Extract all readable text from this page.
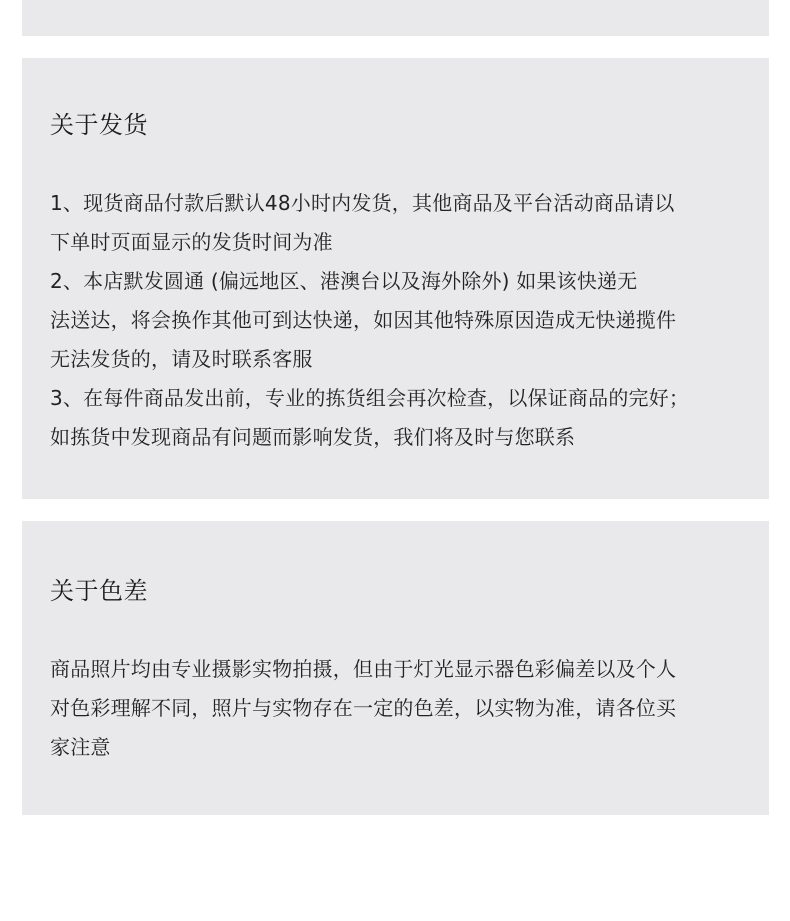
关于发货
1、现货商品付款后默认48小时内发货，其他商品及平台活动商品请以
下单时页面显示的发货时间为准
2、本店默发圆通 (偏远地区、港澳台以及海外除外) 如果该快递无
法送达，将会换作其他可到达快递，如因其他特殊原因造成无快递揽件
无法发货的，请及时联系客服
3、在每件商品发出前，专业的拣货组会再次检查，以保证商品的完好；
如拣货中发现商品有问题而影响发货，我们将及时与您联系
关于色差
商品照片均由专业摄影实物拍摄，但由于灯光显示器色彩偏差以及个人
对色彩理解不同，照片与实物存在一定的色差，以实物为准，请各位买
家注意
